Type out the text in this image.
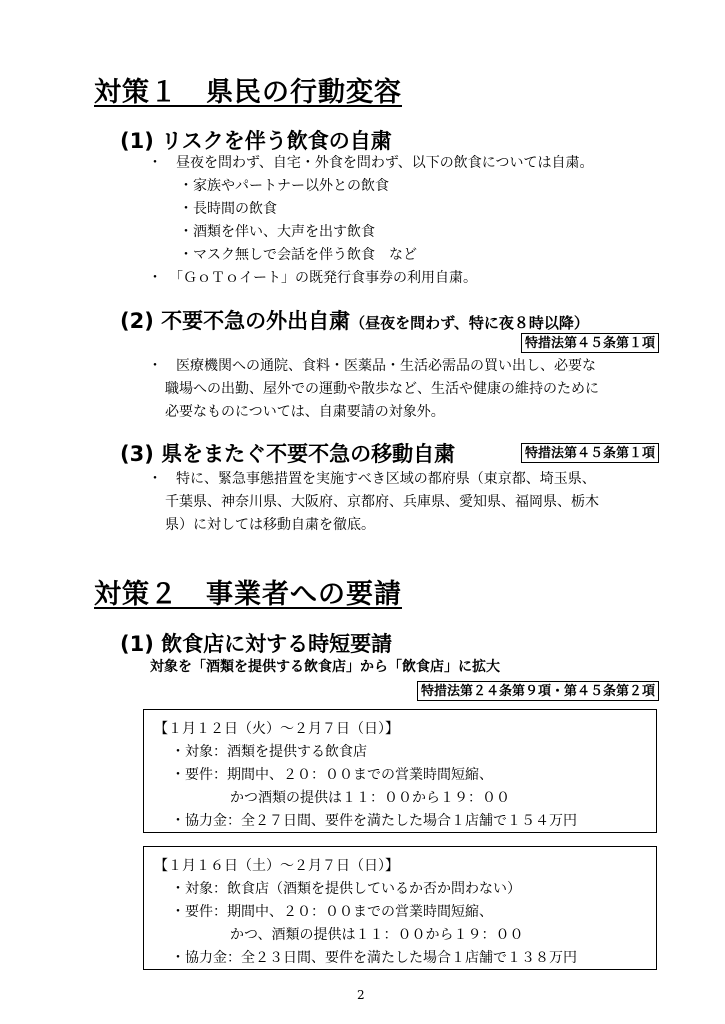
対策１　県民の行動変容
(1) リスクを伴う飲食の自粛
・　昼夜を問わず、自宅・外食を問わず、以下の飲食については自粛。
・家族やパートナー以外との飲食
・長時間の飲食
・酒類を伴い、大声を出す飲食
・マスク無しで会話を伴う飲食　など
・　「ＧｏＴｏイート」の既発行食事券の利用自粛。
(2) 不要不急の外出自粛（昼夜を問わず、特に夜８時以降）
特措法第４５条第１項
・　医療機関への通院、食料・医薬品・生活必需品の買い出し、必要な
職場への出勤、屋外での運動や散歩など、生活や健康の維持のために
必要なものについては、自粛要請の対象外。
(3) 県をまたぐ不要不急の移動自粛	特措法第４５条第１項
・　特に、緊急事態措置を実施すべき区域の都府県（東京都、埼玉県、
千葉県、神奈川県、大阪府、京都府、兵庫県、愛知県、福岡県、栃木
県）に対しては移動自粛を徹底。
対策２　事業者への要請
(1) 飲食店に対する時短要請
対象を「酒類を提供する飲食店」から「飲食店」に拡大
特措法第２４条第９項・第４５条第２項
【１月１２日（火）～２月７日（日）】
・対象：酒類を提供する飲食店
・要件：期間中、２０：００までの営業時間短縮、
かつ酒類の提供は１１：００から１９：００
・協力金：全２７日間、要件を満たした場合１店舗で１５４万円
【１月１６日（土）～２月７日（日）】
・対象：飲食店（酒類を提供しているか否か問わない）
・要件：期間中、２０：００までの営業時間短縮、
かつ、酒類の提供は１１：００から１９：００
・協力金：全２３日間、要件を満たした場合１店舗で１３８万円
2
